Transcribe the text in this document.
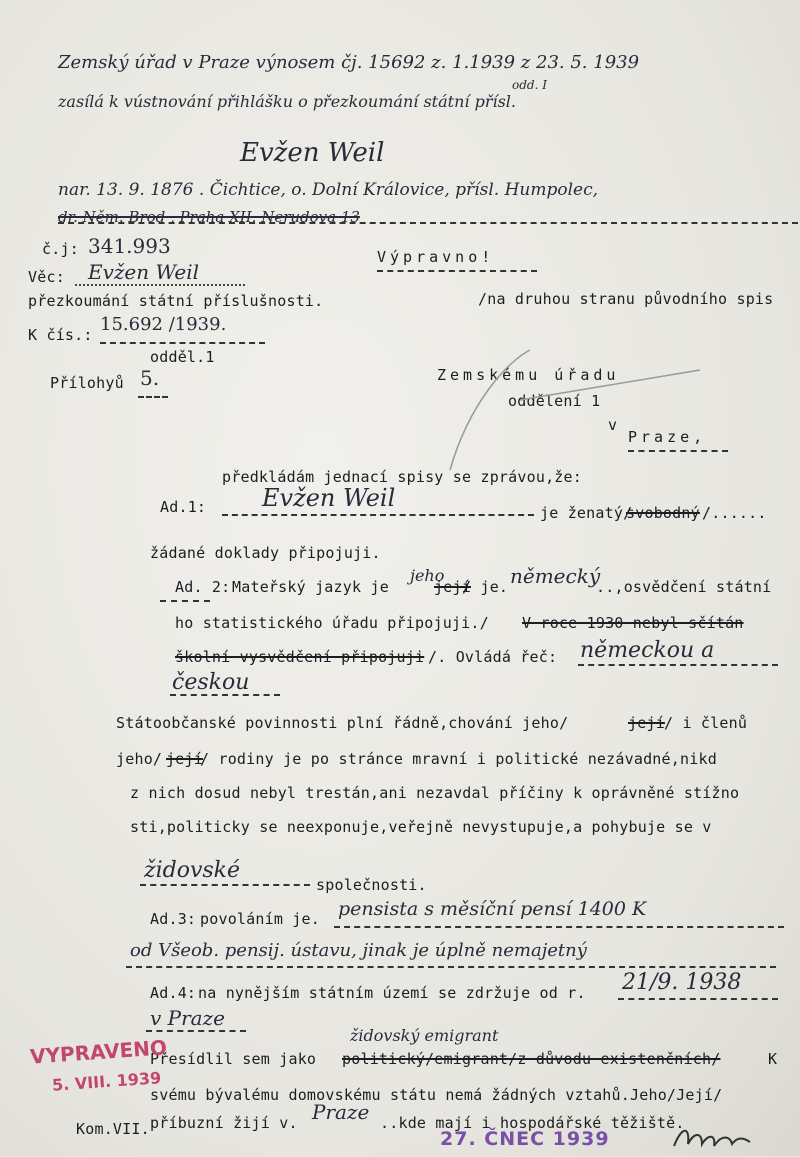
Zemský úřad v Praze výnosem čj. 15692 z. 1.1939 z 23. 5. 1939
odd. I
zasílá k vústnování přihlášku o přezkoumání státní přísl.
Evžen Weil
nar. 13. 9. 1876 . Čichtice, o. Dolní Královice, přísl. Humpolec,
dr. Něm. Brod , Praha XII. Nerudova 13
č.j: 341.993
Věc: Evžen Weil
přezkoumání státní příslušnosti.
K čís.: 15.692 /1939.
odděl.1
Přílohyů 5.
Výpravno!
/na druhou stranu původního spis
Zemskému úřadu
oddělení 1
v
Praze,
předkládám jednací spisy se zprávou,že:
Ad.1: Evžen Weil
je ženatý/
svobodný /......
žádané doklady připojuji.
Ad. 2: Mateřský jazyk je
jeho
její
/ je. německý
..,osvědčení státní
ho statistického úřadu připojuji./ V roce 1930 nebyl sčítán
školní vysvědčení připojuji /. Ovládá řeč: německou a
českou
Státoobčanské povinnosti plní řádně,chování jeho/	její / i členů
jeho/ její
/ rodiny je po stránce mravní i politické nezávadné,nikd
z nich dosud nebyl trestán,ani nezavdal příčiny k oprávněné stížno
sti,politicky se neexponuje,veřejně nevystupuje,a pohybuje se v
židovské
společnosti.
Ad.3: povoláním je. pensista s měsíční pensí 1400 K
od Všeob. pensij. ústavu, jinak je úplně nemajetný
Ad.4: na nynějším státním území se zdržuje od r. 21/9. 1938
v Praze
židovský emigrant
Přesídlil sem jako politický/emigrant/z důvodu existenčních/	K
svému bývalému domovskému státu nemá žádných vztahů.Jeho/Její/
příbuzní žijí v. Praze ..kde mají i hospodářské těžiště.
Kom.VII.
VYPRAVENO
5. VIII. 1939
27. ČNEC 1939
